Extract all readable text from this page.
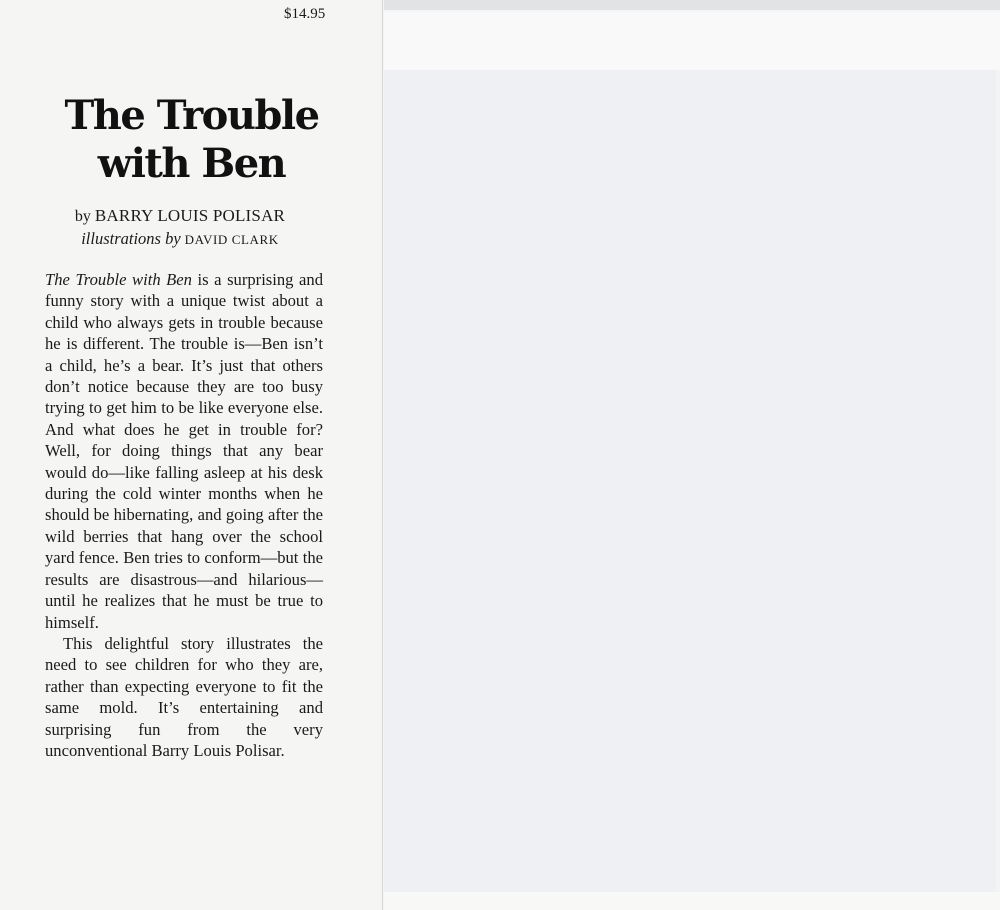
$14.95
The Trouble
with Ben
by BARRY LOUIS POLISAR
illustrations by DAVID CLARK

The Trouble with Ben is a surprising and funny story with a unique twist about a child who always gets in trouble because he is different. The trouble is—Ben isn’t a child, he’s a bear. It’s just that others don’t notice because they are too busy trying to get him to be like everyone else. And what does he get in trouble for? Well, for doing things that any bear would do—like falling asleep at his desk during the cold winter months when he should be hibernating, and going after the wild berries that hang over the school yard fence. Ben tries to conform—but the results are disastrous—and hilarious—until he realizes that he must be true to himself.

This delightful story illustrates the need to see children for who they are, rather than expecting everyone to fit the same mold. It’s entertaining and surprising fun from the very unconventional Barry Louis Polisar.
